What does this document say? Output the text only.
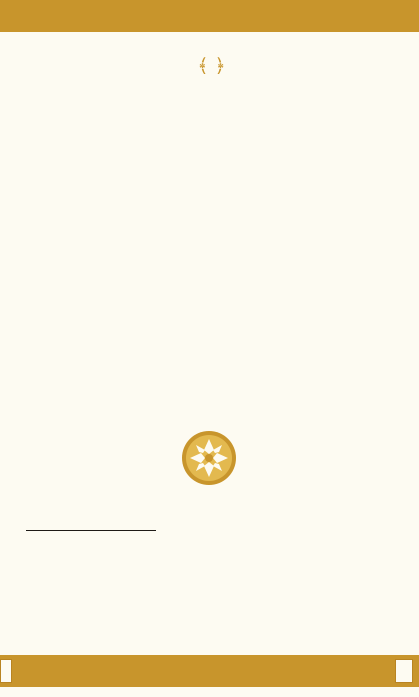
﴿ ﴾
